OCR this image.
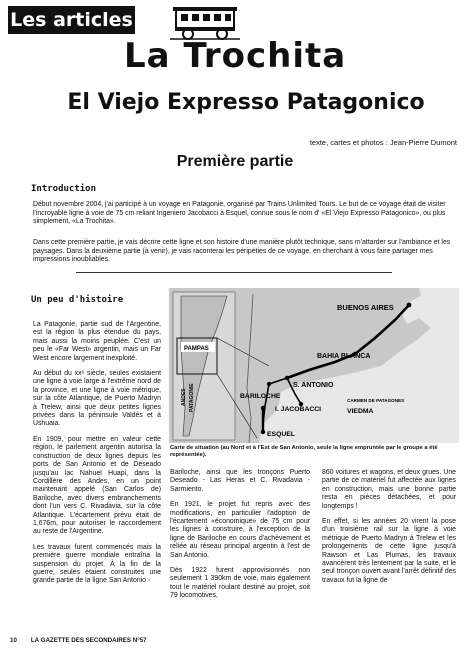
Les articles
La Trochita
El Viejo Expresso Patagonico
texte, cartes et photos : Jean-Pierre Dumont
Première partie
Introduction
Début novembre 2004, j'ai participé à un voyage en Patagonie, organisé par Trains Unlimited Tours. Le but de ce voyage était de visiter l'incroyable ligne à voie de 75 cm reliant Ingeniero Jacobacci à Esquel, connue sous le nom d' «El Viejo Expresso Patagonico», ou plus simplement, «La Trochita».
Dans cette première partie, je vais décrire cette ligne et son histoire d'une manière plutôt technique, sans m'attarder sur l'ambiance et les paysages. Dans la deuxième partie (à venir), je vais raconterai les péripéties de ce voyage, en cherchant à vous faire partager mes impressions inoubliables.
Un peu d'histoire

La Patagonie, partie sud de l'Argentine, est la région la plus étendue du pays, mais aussi la moins peuplée. C'est un peu le «Far West» argentin, mais un Far West encore largement inexploité.

Au début du xxᵉ siècle, seules existaient une ligne à voie large à l'extrême nord de la province, et une ligne à voie métrique, sur la côte Atlantique, de Puerto Madryn à Trelew, ainsi que deux petites lignes privées dans la péninsule Valdés et à Ushuaia.

En 1909, pour mettre en valeur cette région, le parlement argentin autorisa la construction de deux lignes depuis les ports de San Antonio et de Deseado jusqu'au lac Nahuel Huapi, dans la Cordillère des Andes, en un point maintenant appelé (San Carlos de) Bariloche, avec divers embranchements dont l'un vers C. Rivadavia, sur la côte Atlantique. L'écartement prévu était de 1,676m, pour autoriser le raccordement au reste de l'Argentine.

Les travaux furent commencés mais la première guerre mondiale entraîna la suspension du projet. À la fin de la guerre, seules étaient construites une grande partie de la ligne San Antonio -

BUENOS AIRES
PAMPAS
ANDES PATAGONIE
BAHIA BLANCA
S. ANTONIO
BARILOCHE
I. JACOBACCI
CARMEN DE PATAGONES
VIEDMA
ESQUEL
Carte de situation (au Nord et à l'Est de San Antonio, seule la ligne empruntée par le groupe a été représentée).

Bariloche, ainsi que les tronçons Puerto Deseado - Las Heras et C. Rivadavia - Sarmiento.

En 1921, le projet fut repris avec des modifications, en particulier l'adoption de l'écartement «économique» de 75 cm pour les lignes à construire, à l'exception de la ligne de Bariloche en cours d'achèvement et reliée au réseau principal argentin à l'est de San Antonio.

Dès 1922 furent approvisionnés non seulement 1 390km de voie, mais également tout le matériel roulant destiné au projet, soit 79 locomotives,

860 voitures et wagons, et deux grues. Une partie de ce matériel fut affectée aux lignes en construction, mais une bonne partie resta en pièces détachées, et pour longtemps !

En effet, si les années 20 virent la pose d'un troisième rail sur la ligne à voie métrique de Puerto Madryn à Trelew et les prolongements de cette ligne jusqu'à Rawson et Las Plumas, les travaux avancèrent très lentement par la suite, et le seul tronçon ouvert avant l'arrêt définitif des travaux fut la ligne de

10 LA GAZETTE DES SECONDAIRES N°57
